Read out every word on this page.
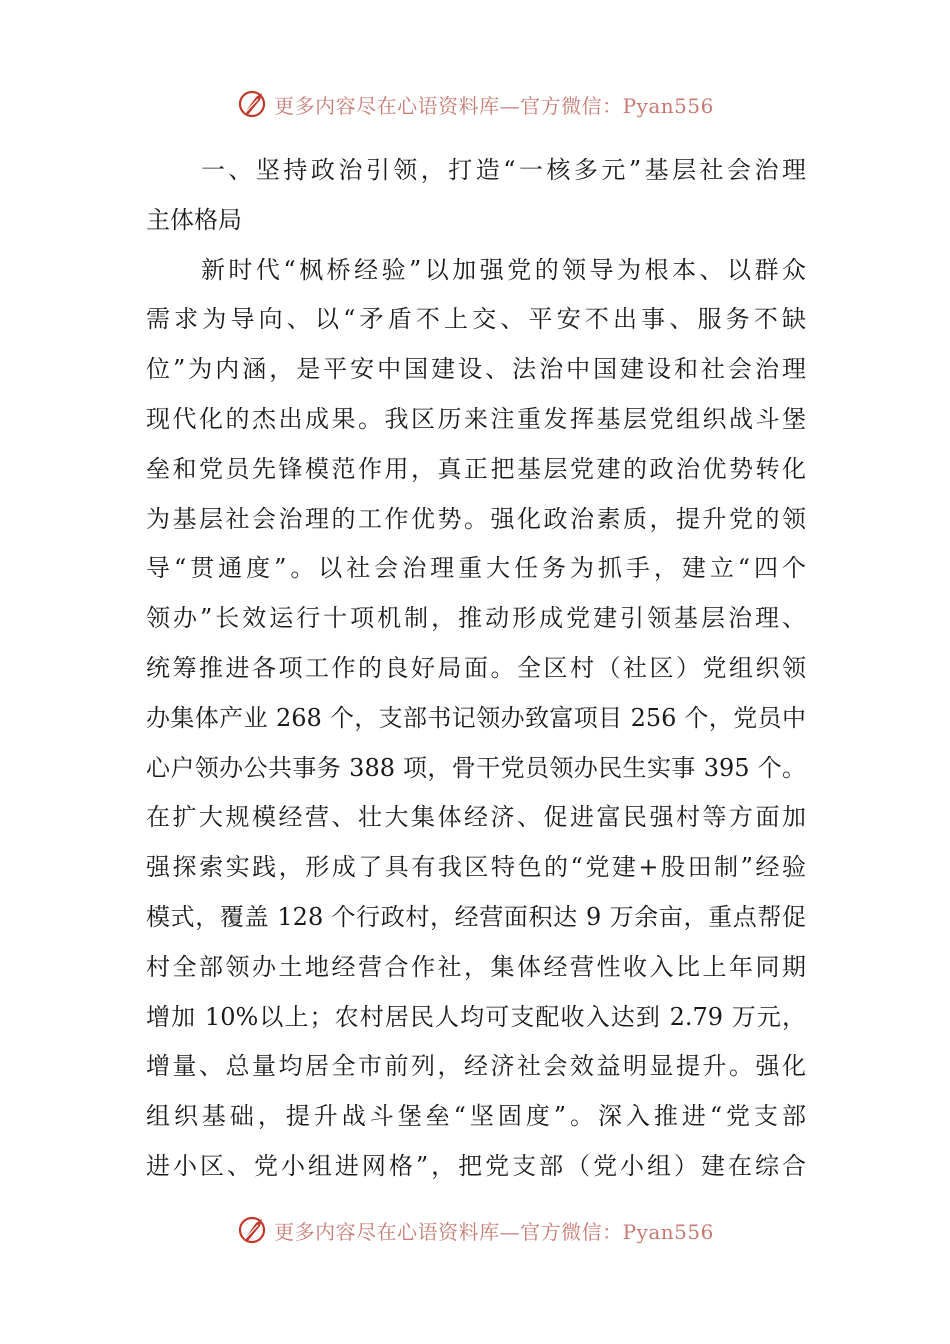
更多内容尽在心语资料库—官方微信：Pyan556
　　一、坚持政治引领，打造“一核多元”基层社会治理
主体格局
　　新时代“枫桥经验”以加强党的领导为根本、以群众
需求为导向、以“矛盾不上交、平安不出事、服务不缺
位”为内涵，是平安中国建设、法治中国建设和社会治理
现代化的杰出成果。我区历来注重发挥基层党组织战斗堡
垒和党员先锋模范作用，真正把基层党建的政治优势转化
为基层社会治理的工作优势。强化政治素质，提升党的领
导“贯通度”。以社会治理重大任务为抓手，建立“四个
领办”长效运行十项机制，推动形成党建引领基层治理、
统筹推进各项工作的良好局面。全区村（社区）党组织领
办集体产业 268 个，支部书记领办致富项目 256 个，党员中
心户领办公共事务 388 项，骨干党员领办民生实事 395 个。
在扩大规模经营、壮大集体经济、促进富民强村等方面加
强探索实践，形成了具有我区特色的“党建+股田制”经验
模式，覆盖 128 个行政村，经营面积达 9 万余亩，重点帮促
村全部领办土地经营合作社，集体经营性收入比上年同期
增加 10%以上；农村居民人均可支配收入达到 2.79 万元，
增量、总量均居全市前列，经济社会效益明显提升。强化
组织基础，提升战斗堡垒“坚固度”。深入推进“党支部
进小区、党小组进网格”，把党支部（党小组）建在综合
更多内容尽在心语资料库—官方微信：Pyan556
